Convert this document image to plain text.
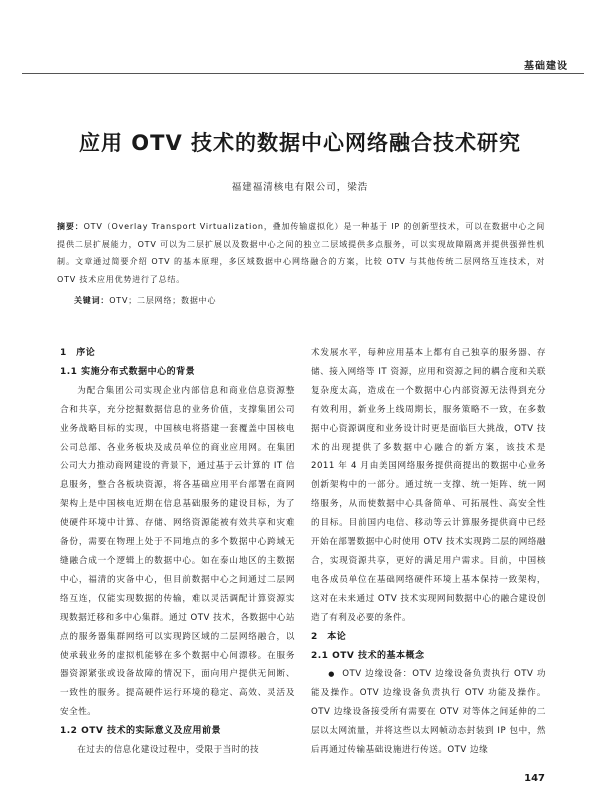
基础建设
应用 OTV 技术的数据中心网络融合技术研究
福建福清核电有限公司，梁浩
摘要：OTV（Overlay Transport Virtualization，叠加传输虚拟化）是一种基于 IP 的创新型技术，可以在数据中心之间提供二层扩展能力，OTV 可以为二层扩展以及数据中心之间的独立二层域提供多点服务，可以实现故障隔离并提供强弹性机制。文章通过简要介绍 OTV 的基本原理，多区域数据中心网络融合的方案，比较 OTV 与其他传统二层网络互连技术，对 OTV 技术应用优势进行了总结。
关键词：OTV；二层网络；数据中心

1　序论

1.1 实施分布式数据中心的背景

为配合集团公司实现企业内部信息和商业信息资源整合和共享，充分挖掘数据信息的业务价值，支撑集团公司业务战略目标的实现，中国核电将搭建一套覆盖中国核电公司总部、各业务板块及成员单位的商业应用网。在集团公司大力推动商网建设的背景下，通过基于云计算的 IT 信息服务，整合各板块资源，将各基础应用平台部署在商网架构上是中国核电近期在信息基础服务的建设目标，为了使硬件环境中计算、存储、网络资源能被有效共享和灾难备份，需要在物理上处于不同地点的多个数据中心跨域无缝融合成一个逻辑上的数据中心。如在泰山地区的主数据中心，福清的灾备中心，但目前数据中心之间通过二层网络互连，仅能实现数据的传输，难以灵活调配计算资源实现数据迁移和多中心集群。通过 OTV 技术，各数据中心站点的服务器集群网络可以实现跨区域的二层网络融合，以使承载业务的虚拟机能够在多个数据中心间漂移。在服务器资源紧张或设备故障的情况下，面向用户提供无间断、一致性的服务。提高硬件运行环境的稳定、高效、灵活及安全性。

1.2 OTV 技术的实际意义及应用前景

在过去的信息化建设过程中，受限于当时的技

术发展水平，每种应用基本上都有自己独享的服务器、存储、接入网络等 IT 资源，应用和资源之间的耦合度和关联复杂度太高，造成在一个数据中心内部资源无法得到充分有效利用，新业务上线周期长，服务策略不一致，在多数据中心资源调度和业务设计时更是面临巨大挑战，OTV 技术的出现提供了多数据中心融合的新方案，该技术是 2011 年 4 月由美国网络服务提供商提出的数据中心业务创新架构中的一部分。通过统一支撑、统一矩阵、统一网络服务，从而使数据中心具备简单、可拓展性、高安全性的目标。目前国内电信、移动等云计算服务提供商中已经开始在部署数据中心时使用 OTV 技术实现跨二层的网络融合，实现资源共享，更好的满足用户需求。目前，中国核电各成员单位在基础网络硬件环境上基本保持一致架构，这对在未来通过 OTV 技术实现网间数据中心的融合建设创造了有利及必要的条件。

2　本论

2.1 OTV 技术的基本概念

● OTV 边缘设备：OTV 边缘设备负责执行 OTV 功能及操作。OTV 边缘设备负责执行 OTV 功能及操作。OTV 边缘设备接受所有需要在 OTV 对等体之间延伸的二层以太网流量，并将这些以太网帧动态封装到 IP 包中，然后再通过传输基础设施进行传送。OTV 边缘

147
